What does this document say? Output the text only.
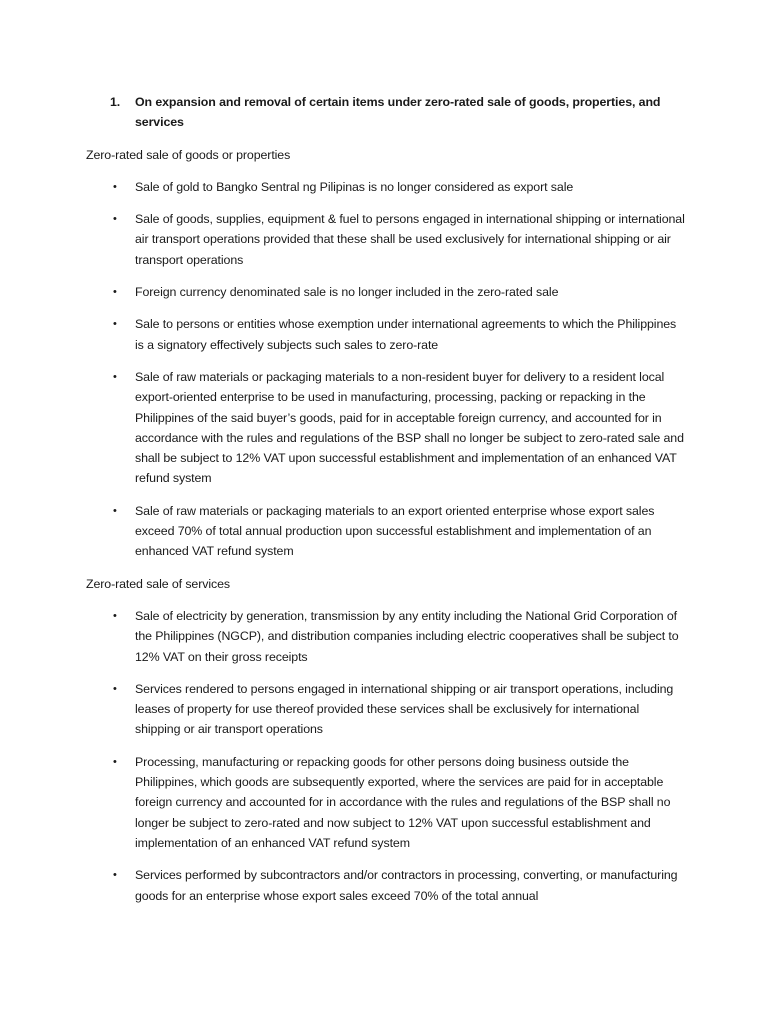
1.	On expansion and removal of certain items under zero-rated sale of goods, properties, and services
Zero-rated sale of goods or properties
•	Sale of gold to Bangko Sentral ng Pilipinas is no longer considered as export sale
•	Sale of goods, supplies, equipment & fuel to persons engaged in international shipping or international air transport operations provided that these shall be used exclusively for international shipping or air transport operations
•	Foreign currency denominated sale is no longer included in the zero-rated sale
•	Sale to persons or entities whose exemption under international agreements to which the Philippines is a signatory effectively subjects such sales to zero-rate
•	Sale of raw materials or packaging materials to a non-resident buyer for delivery to a resident local export-oriented enterprise to be used in manufacturing, processing, packing or repacking in the Philippines of the said buyer’s goods, paid for in acceptable foreign currency, and accounted for in accordance with the rules and regulations of the BSP shall no longer be subject to zero-rated sale and shall be subject to 12% VAT upon successful establishment and implementation of an enhanced VAT refund system
•	Sale of raw materials or packaging materials to an export oriented enterprise whose export sales exceed 70% of total annual production upon successful establishment and implementation of an enhanced VAT refund system
Zero-rated sale of services
•	Sale of electricity by generation, transmission by any entity including the National Grid Corporation of the Philippines (NGCP), and distribution companies including electric cooperatives shall be subject to 12% VAT on their gross receipts
•	Services rendered to persons engaged in international shipping or air transport operations, including leases of property for use thereof provided these services shall be exclusively for international shipping or air transport operations
•	Processing, manufacturing or repacking goods for other persons doing business outside the Philippines, which goods are subsequently exported, where the services are paid for in acceptable foreign currency and accounted for in accordance with the rules and regulations of the BSP shall no longer be subject to zero-rated and now subject to 12% VAT upon successful establishment and implementation of an enhanced VAT refund system
•	Services performed by subcontractors and/or contractors in processing, converting, or manufacturing goods for an enterprise whose export sales exceed 70% of the total annual
